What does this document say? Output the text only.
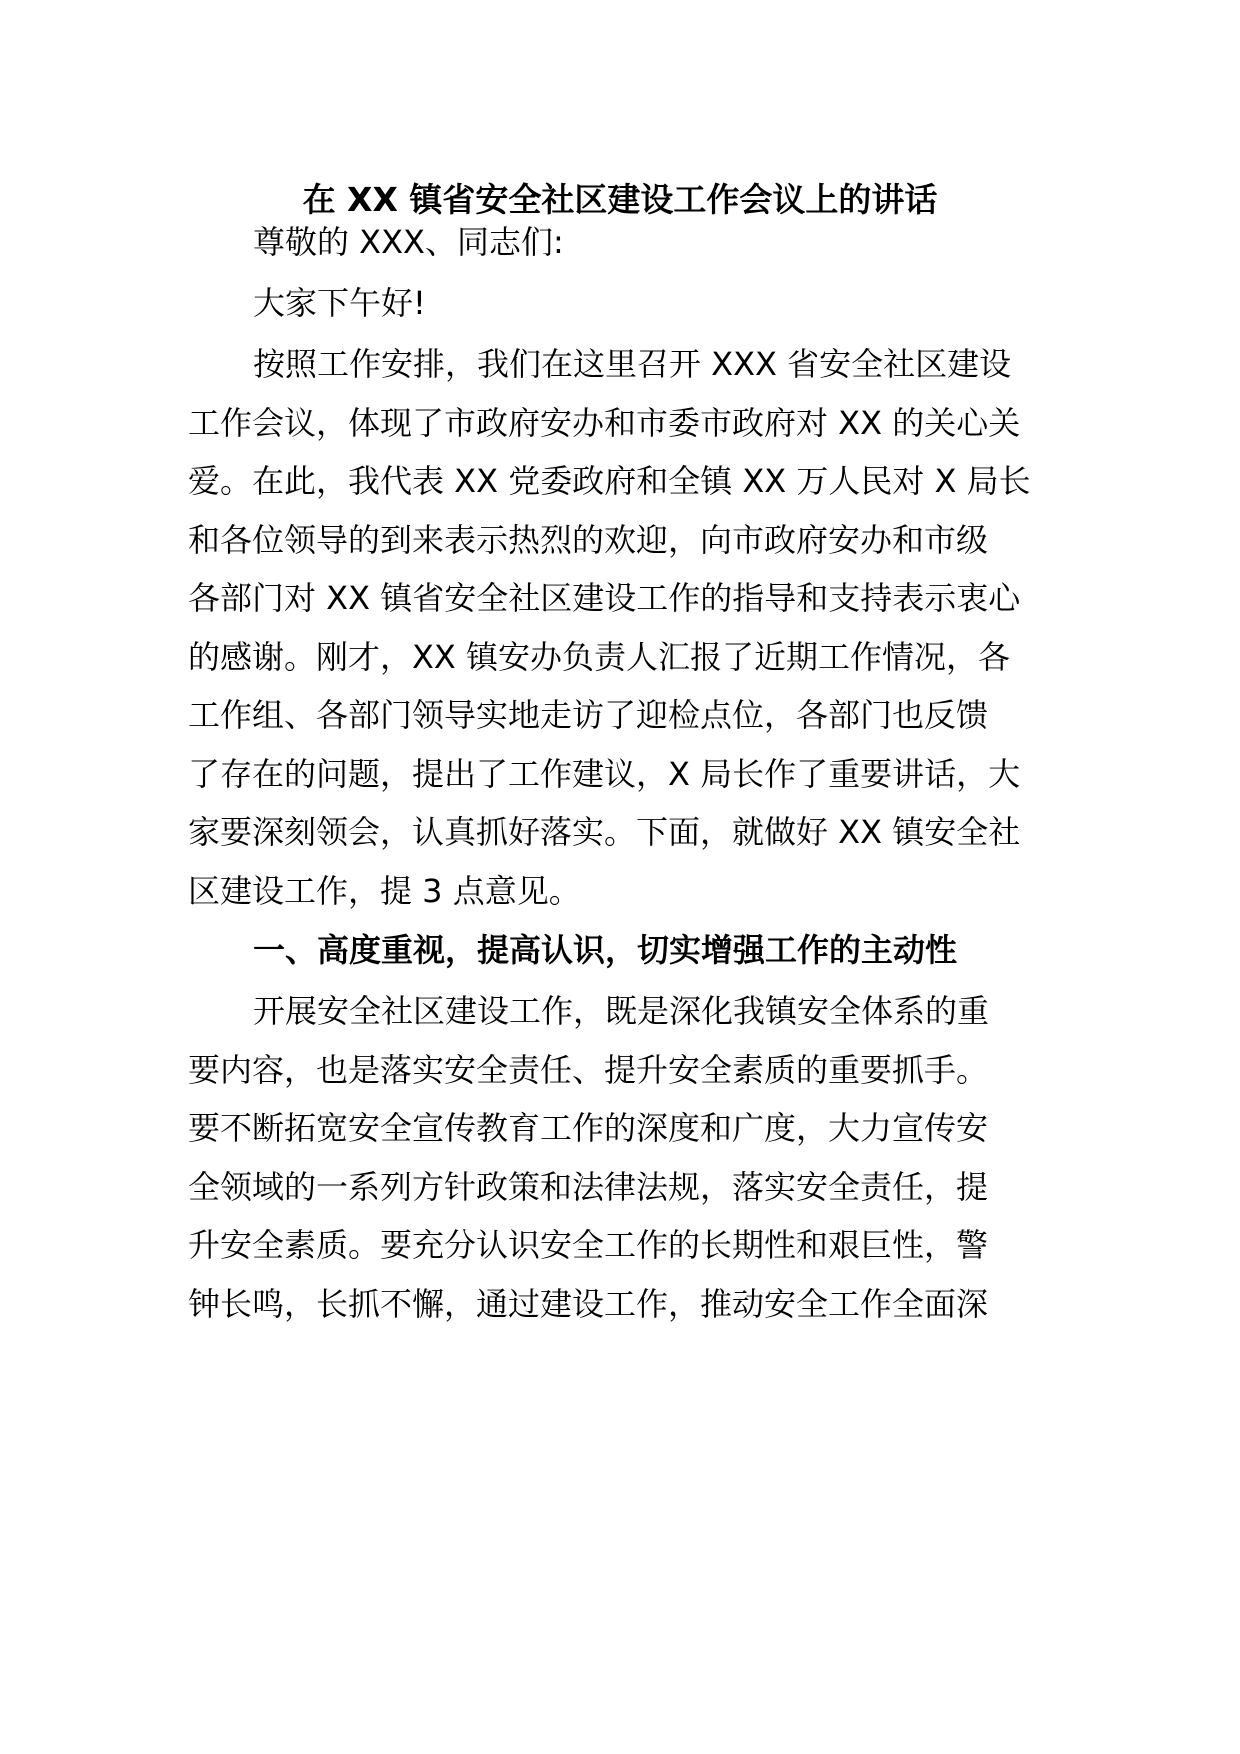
在 XX 镇省安全社区建设工作会议上的讲话
尊敬的 XXX、同志们:
大家下午好!
按照工作安排，我们在这里召开 XXX 省安全社区建设
工作会议，体现了市政府安办和市委市政府对 XX 的关心关
爱。在此，我代表 XX 党委政府和全镇 XX 万人民对 X 局长
和各位领导的到来表示热烈的欢迎，向市政府安办和市级
各部门对 XX 镇省安全社区建设工作的指导和支持表示衷心
的感谢。刚才，XX 镇安办负责人汇报了近期工作情况，各
工作组、各部门领导实地走访了迎检点位，各部门也反馈
了存在的问题，提出了工作建议，X 局长作了重要讲话，大
家要深刻领会，认真抓好落实。下面，就做好 XX 镇安全社
区建设工作，提 3 点意见。
一、高度重视，提高认识，切实增强工作的主动性
开展安全社区建设工作，既是深化我镇安全体系的重
要内容，也是落实安全责任、提升安全素质的重要抓手。
要不断拓宽安全宣传教育工作的深度和广度，大力宣传安
全领域的一系列方针政策和法律法规，落实安全责任，提
升安全素质。要充分认识安全工作的长期性和艰巨性，警
钟长鸣，长抓不懈，通过建设工作，推动安全工作全面深
